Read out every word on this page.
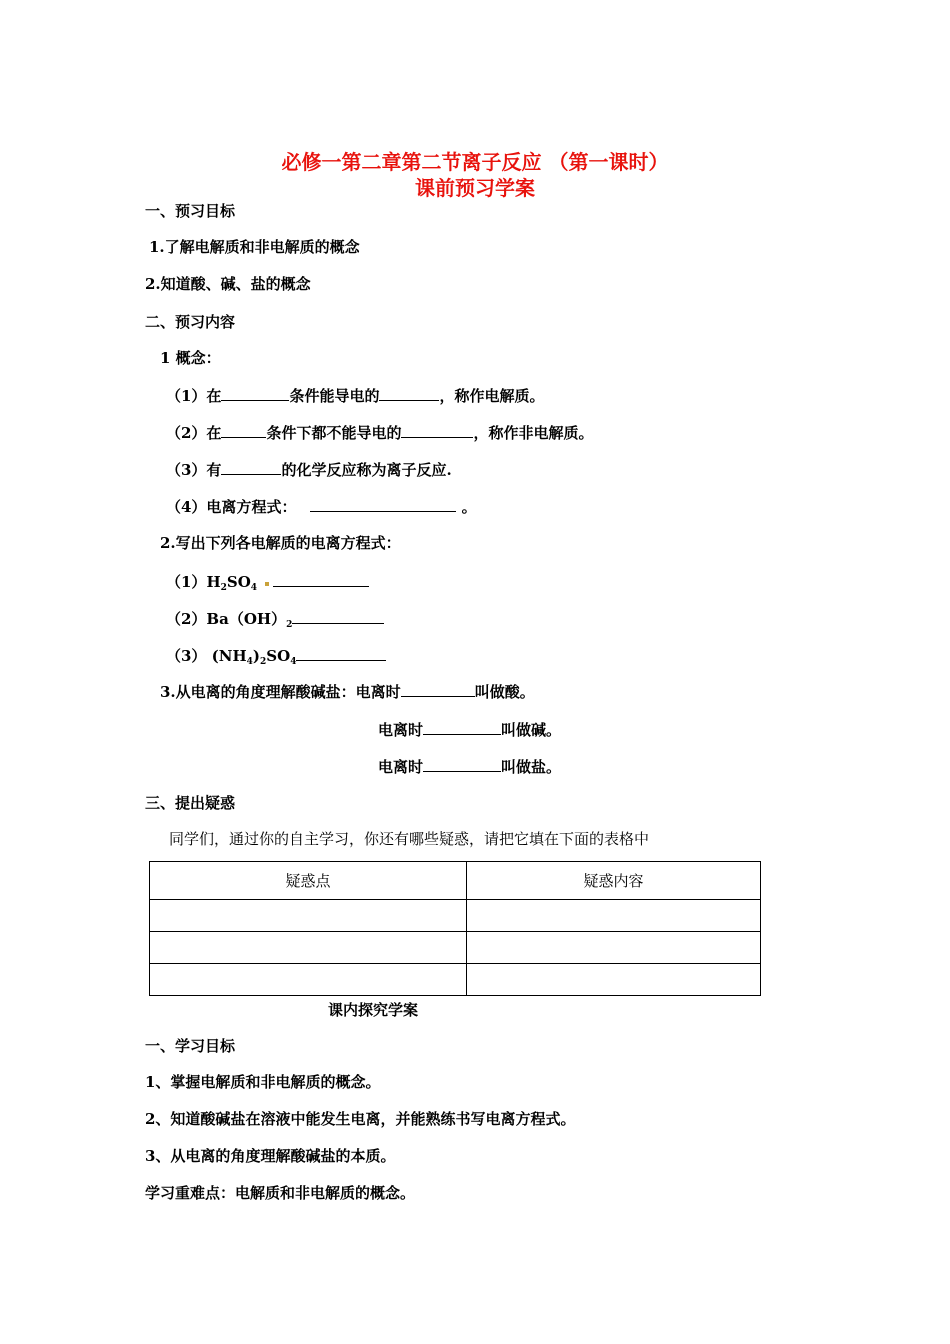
必修一第二章第二节离子反应 （第一课时）
课前预习学案
一、预习目标
1.了解电解质和非电解质的概念
2.知道酸、碱、盐的概念
二、预习内容
1 概念：
（1）在	条件能导电的	，称作电解质。
（2）在	条件下都不能导电的	，称作非电解质。
（3）有	的化学反应称为离子反应.
（4）电离方程式：	。
2.写出下列各电解质的电离方程式：
$(1)H_2SO_4$
$(2)Ba(OH)_2$
（3） $(NH_4)_2SO_4$
3.从电离的角度理解酸碱盐：电离时	叫做酸。
电离时	叫做碱。
电离时	叫做盐。
三、提出疑惑
同学们，通过你的自主学习，你还有哪些疑惑，请把它填在下面的表格中
疑惑点	疑惑内容

课内探究学案
一、学习目标
1、掌握电解质和非电解质的概念。
2、知道酸碱盐在溶液中能发生电离，并能熟练书写电离方程式。
3、从电离的角度理解酸碱盐的本质。
学习重难点：电解质和非电解质的概念。
